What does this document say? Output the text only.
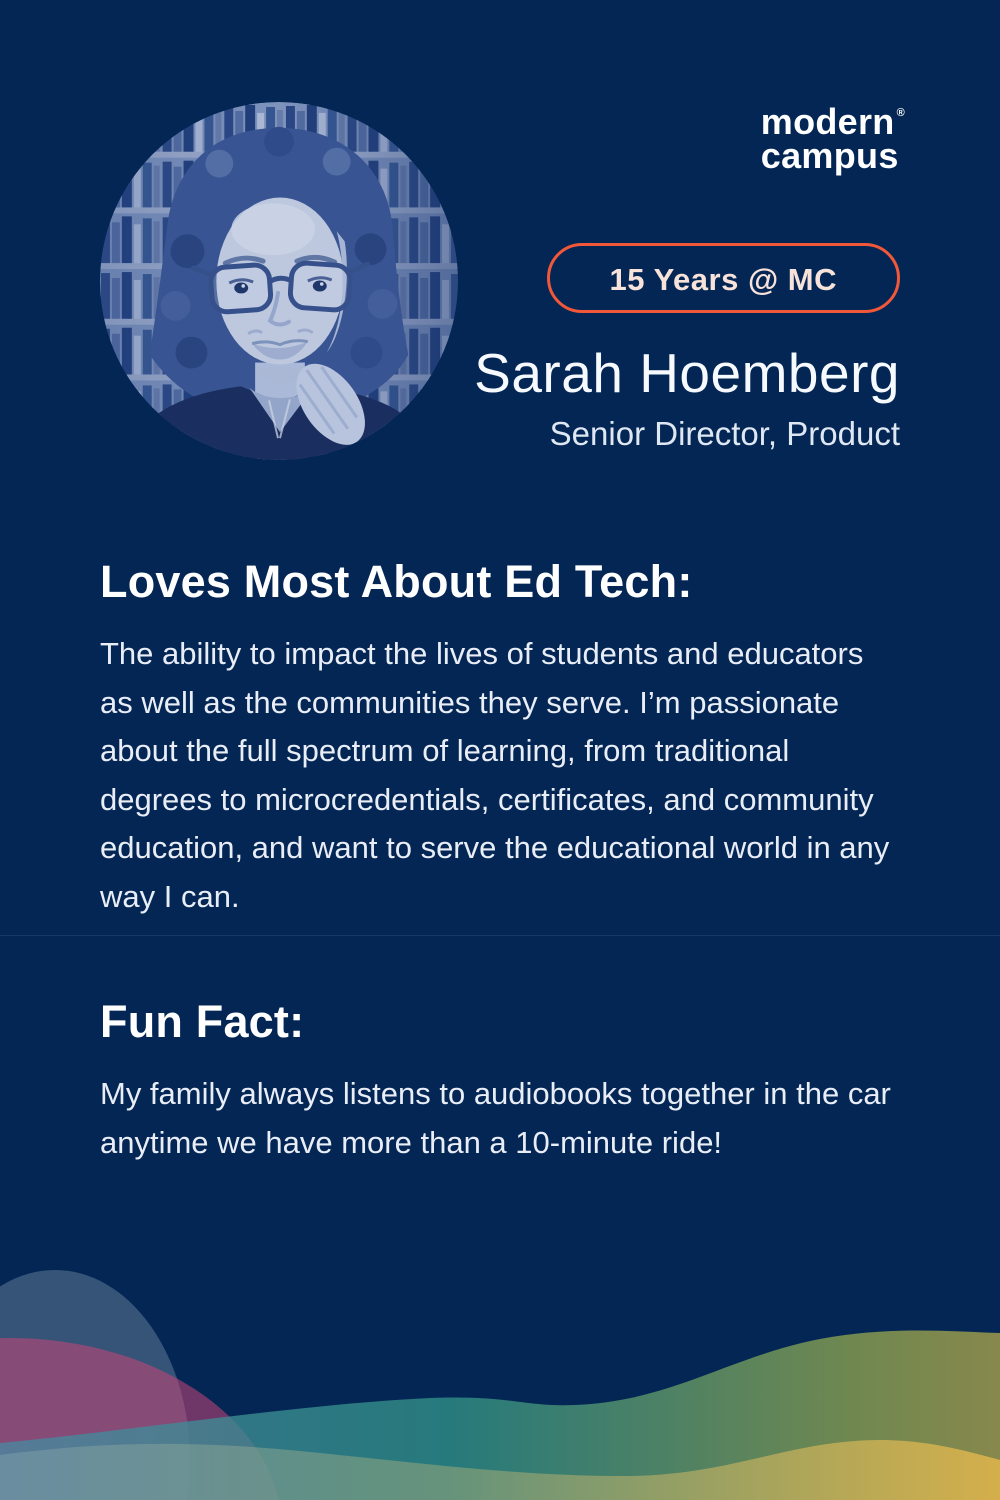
modern ®
campus
15 Years @ MC
Sarah Hoemberg
Senior Director, Product
Loves Most About Ed Tech:
The ability to impact the lives of students and educators as well as the communities they serve. I’m passionate about the full spectrum of learning, from traditional degrees to microcredentials, certificates, and community education, and want to serve the educational world in any way I can.
Fun Fact:
My family always listens to audiobooks together in the car anytime we have more than a 10-minute ride!
